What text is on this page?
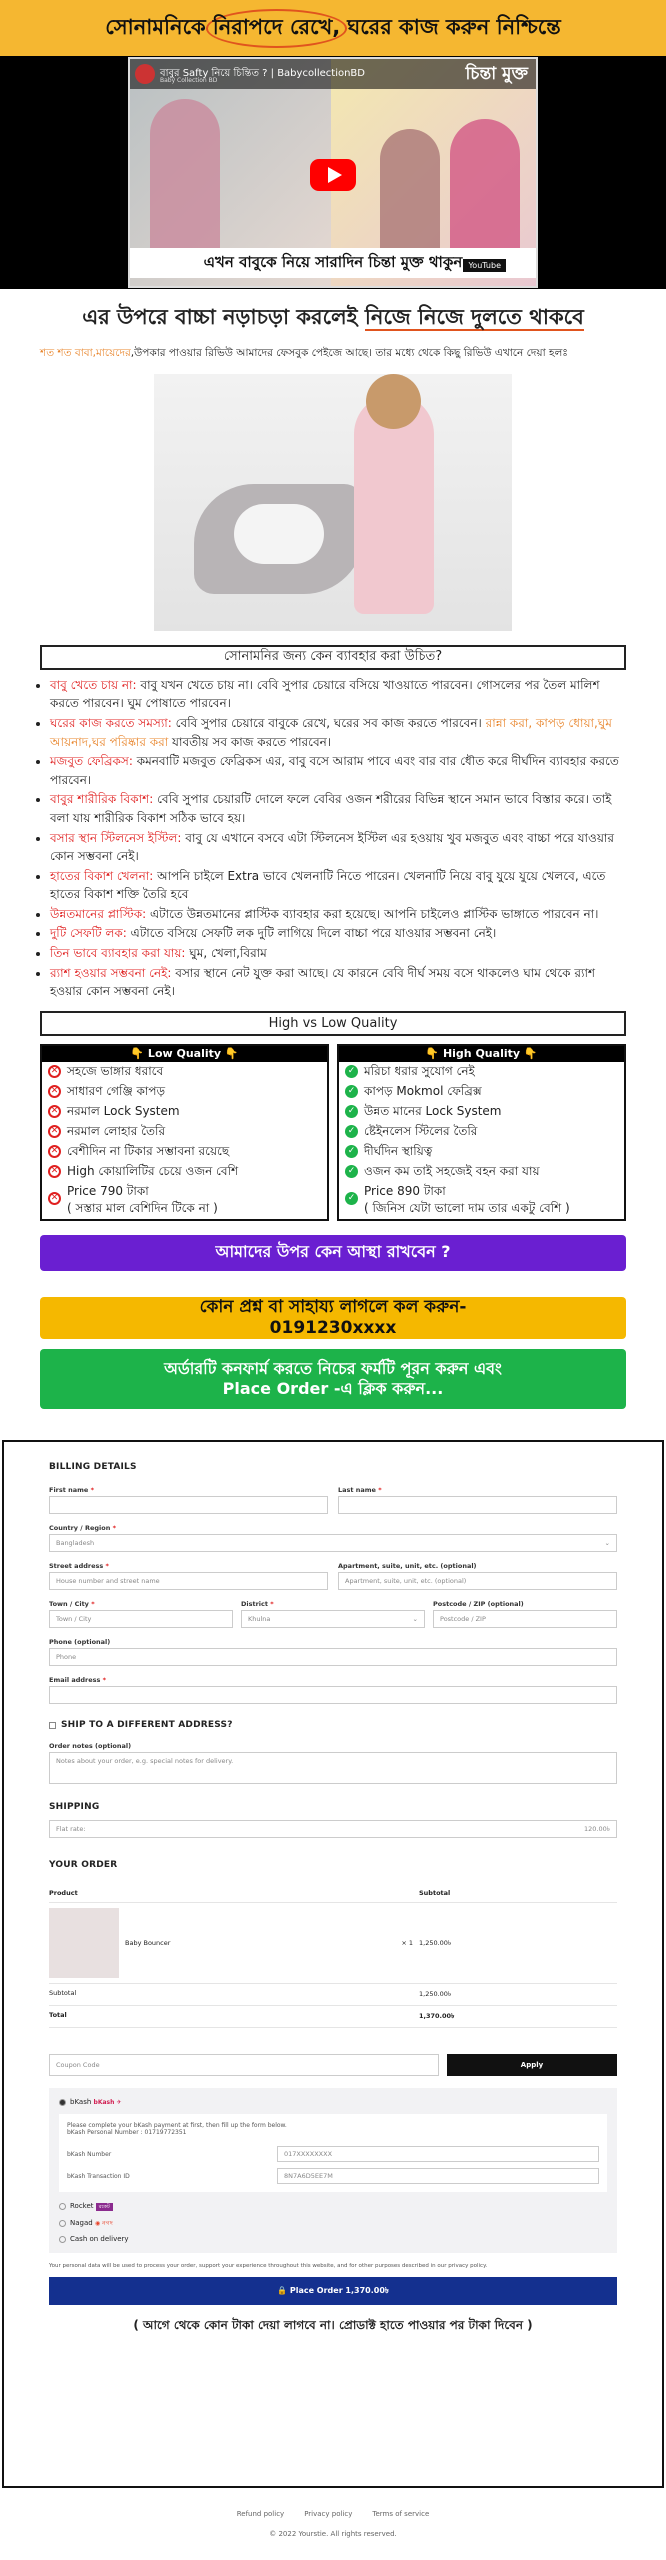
সোনামনিকে নিরাপদে রেখে, ঘরের কাজ করুন নিশ্চিন্তে
বাবুর Safty নিয়ে চিন্তিত ? | BabycollectionBD
Baby Collection BD	চিন্তা মুক্ত
এখন বাবুকে নিয়ে সারাদিন চিন্তা মুক্ত থাকুন
⟲ ☆ ⟳	YouTube
এর উপরে বাচ্চা নড়াচড়া করলেই নিজে নিজে দুলতে থাকবে
শত শত বাবা,মায়েদের,উপকার পাওয়ার রিভিউ আমাদের ফেসবুক পেইজে আছে। তার মধ্যে থেকে কিছু রিভিউ এখানে দেয়া হলঃ
সোনামনির জন্য কেন ব্যাবহার করা উচিত?
• বাবু খেতে চায় না: বাবু যখন খেতে চায় না। বেবি সুপার চেয়ারে বসিয়ে খাওয়াতে পারবেন। গোসলের পর তৈল মালিশ করতে পারবেন। ঘুম পোষাতে পারবেন।
• ঘরের কাজ করতে সমস্যা: বেবি সুপার চেয়ারে বাবুকে রেখে, ঘরের সব কাজ করতে পারবেন। রান্না করা, কাপড় ধোয়া,ঘুম আয়নাদ,ঘর পরিষ্কার করা যাবতীয় সব কাজ করতে পারবেন।
• মজবুত ফেব্রিকস: কমনবাটি মজবুত ফেব্রিকস এর, বাবু বসে আরাম পাবে এবং বার বার ধৌত করে দীর্ঘদিন ব্যাবহার করতে পারবেন।
• বাবুর শারীরিক বিকাশ: বেবি সুপার চেয়ারটি দোলে ফলে বেবির ওজন শরীরের বিভিন্ন স্থানে সমান ভাবে বিস্তার করে। তাই বলা যায় শারীরিক বিকাশ সঠিক ভাবে হয়।
• বসার স্থান স্টিলনেস ইস্টিল: বাবু যে এখানে বসবে এটা স্টিলনেস ইস্টিল এর হওয়ায় খুব মজবুত এবং বাচ্চা পরে যাওয়ার কোন সম্ভবনা নেই।
• হাতের বিকাশ খেলনা: আপনি চাইলে Extra ভাবে খেলনাটি নিতে পারেন। খেলনাটি নিয়ে বাবু যুয়ে যুয়ে খেলবে, এতে হাতের বিকাশ শক্তি তৈরি হবে
• উন্নতমানের প্লাস্টিক: এটাতে উন্নতমানের প্লাস্টিক ব্যাবহার করা হয়েছে। আপনি চাইলেও প্লাস্টিক ভাঙ্গাতে পারবেন না।
• দুটি সেফটি লক: এটাতে বসিয়ে সেফটি লক দুটি লাগিয়ে দিলে বাচ্চা পরে যাওয়ার সম্ভবনা নেই।
• তিন ভাবে ব্যাবহার করা যায়: ঘুম, খেলা,বিরাম
• র‍্যাশ হওয়ার সম্ভবনা নেই: বসার স্থানে নেট যুক্ত করা আছে। যে কারনে বেবি দীর্ঘ সময় বসে থাকলেও ঘাম থেকে র‍্যাশ হওয়ার কোন সম্ভবনা নেই।
High vs Low Quality
👇 Low Quality 👇
✕ সহজে ভাঙ্গার ধরাবে
✕ সাধারণ গেঞ্জি কাপড়
✕ নরমাল Lock System
✕ নরমাল লোহার তৈরি
✕ বেশীদিন না টিকার সম্ভাবনা রয়েছে
✕ High কোয়ালিটির চেয়ে ওজন বেশি
✕ Price 790 টাকা
( সস্তার মাল বেশিদিন টিকে না )
👇 High Quality 👇
✓ মরিচা ধরার সুযোগ নেই
✓ কাপড় Mokmol ফেব্রিক্স
✓ উন্নত মানের Lock System
✓ ষ্টেইনলেস স্টিলের তৈরি
✓ দীর্ঘদিন স্থায়িত্ব
✓ ওজন কম তাই সহজেই বহন করা যায়
✓ Price 890 টাকা
( জিনিস যেটা ভালো দাম তার একটু বেশি )
আমাদের উপর কেন আস্থা রাখবেন ?
কোন প্রশ্ন বা সাহায্য লাগলে কল করুন-
0191230xxxx
অর্ডারটি কনফার্ম করতে নিচের ফর্মটি পূরন করুন এবং
Place Order -এ ক্লিক করুন...
BILLING DETAILS
First name *	Last name *
Country / Region *
Bangladesh	⌄
Street address *
House number and street name
Apartment, suite, unit, etc. (optional)
Apartment, suite, unit, etc. (optional)
Town / City *
Town / City
District *
Khulna	⌄
Postcode / ZIP (optional)
Postcode / ZIP
Phone (optional)
Phone
Email address *
SHIP TO A DIFFERENT ADDRESS?
Order notes (optional)
Notes about your order, e.g. special notes for delivery.
SHIPPING
Flat rate:	120.00৳
YOUR ORDER
Product	Subtotal
Baby Bouncer	× 1 1,250.00৳
Subtotal	1,250.00৳
Total	1,370.00৳
Coupon Code	Apply
bKash bKash ✈
Please complete your bKash payment at first, then fill up the form below.
bKash Personal Number : 01719772351
bKash Number	017XXXXXXXX
bKash Transaction ID	8N7A6D5EE7M
Rocket রকেট
Nagad ◉ নগদ
Cash on delivery
Your personal data will be used to process your order, support your experience throughout this website, and for other purposes described in our privacy policy.
🔒 Place Order 1,370.00৳
( আগে থেকে কোন টাকা দেয়া লাগবে না। প্রোডাক্ট হাতে পাওয়ার পর টাকা দিবেন )
Refund policy	Privacy policy	Terms of service
© 2022 Yourstie. All rights reserved.
